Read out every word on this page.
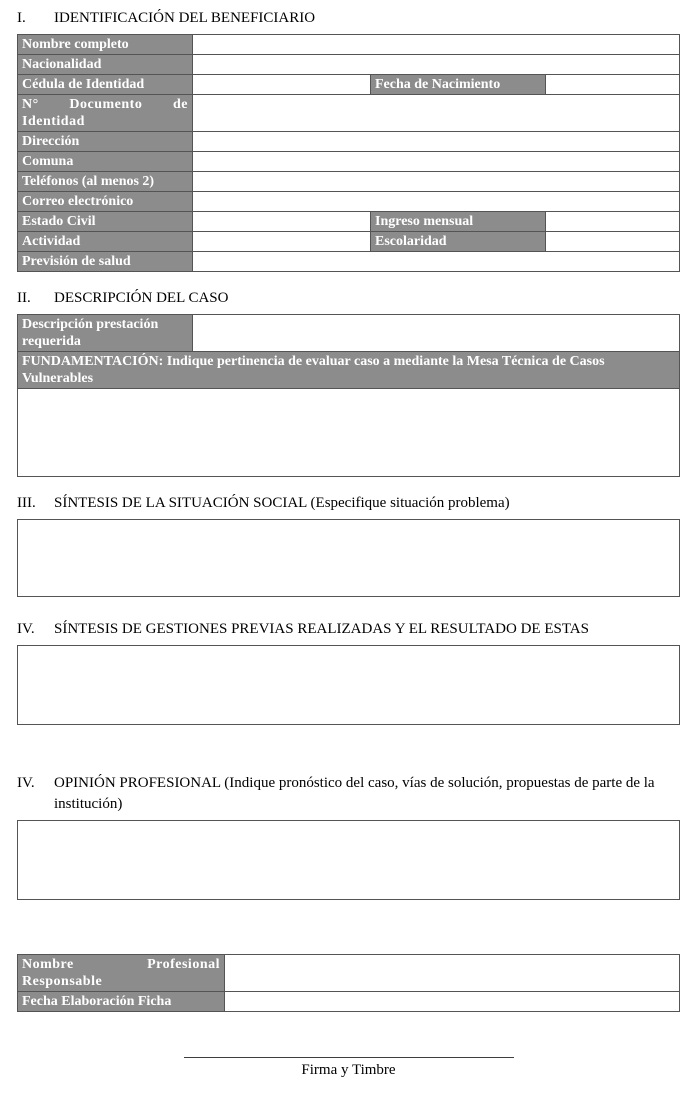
I.	IDENTIFICACIÓN DEL BENEFICIARIO
Nombre completo			
Nacionalidad			
Cédula de Identidad		Fecha de Nacimiento	
N° Documento de Identidad			
Dirección			
Comuna			
Teléfonos (al menos 2)			
Correo electrónico			
Estado Civil		Ingreso mensual	
Actividad		Escolaridad	
Previsión de salud			
II.	DESCRIPCIÓN DEL CASO
Descripción prestación requerida	
FUNDAMENTACIÓN: Indique pertinencia de evaluar caso a mediante la Mesa Técnica de Casos Vulnerables

III.	SÍNTESIS DE LA SITUACIÓN SOCIAL (Especifique situación problema)
IV.	SÍNTESIS DE GESTIONES PREVIAS REALIZADAS Y EL RESULTADO DE ESTAS
IV.	OPINIÓN PROFESIONAL (Indique pronóstico del caso, vías de solución, propuestas de parte de la institución)
Nombre Profesional Responsable	
Fecha Elaboración Ficha	
Firma y Timbre
